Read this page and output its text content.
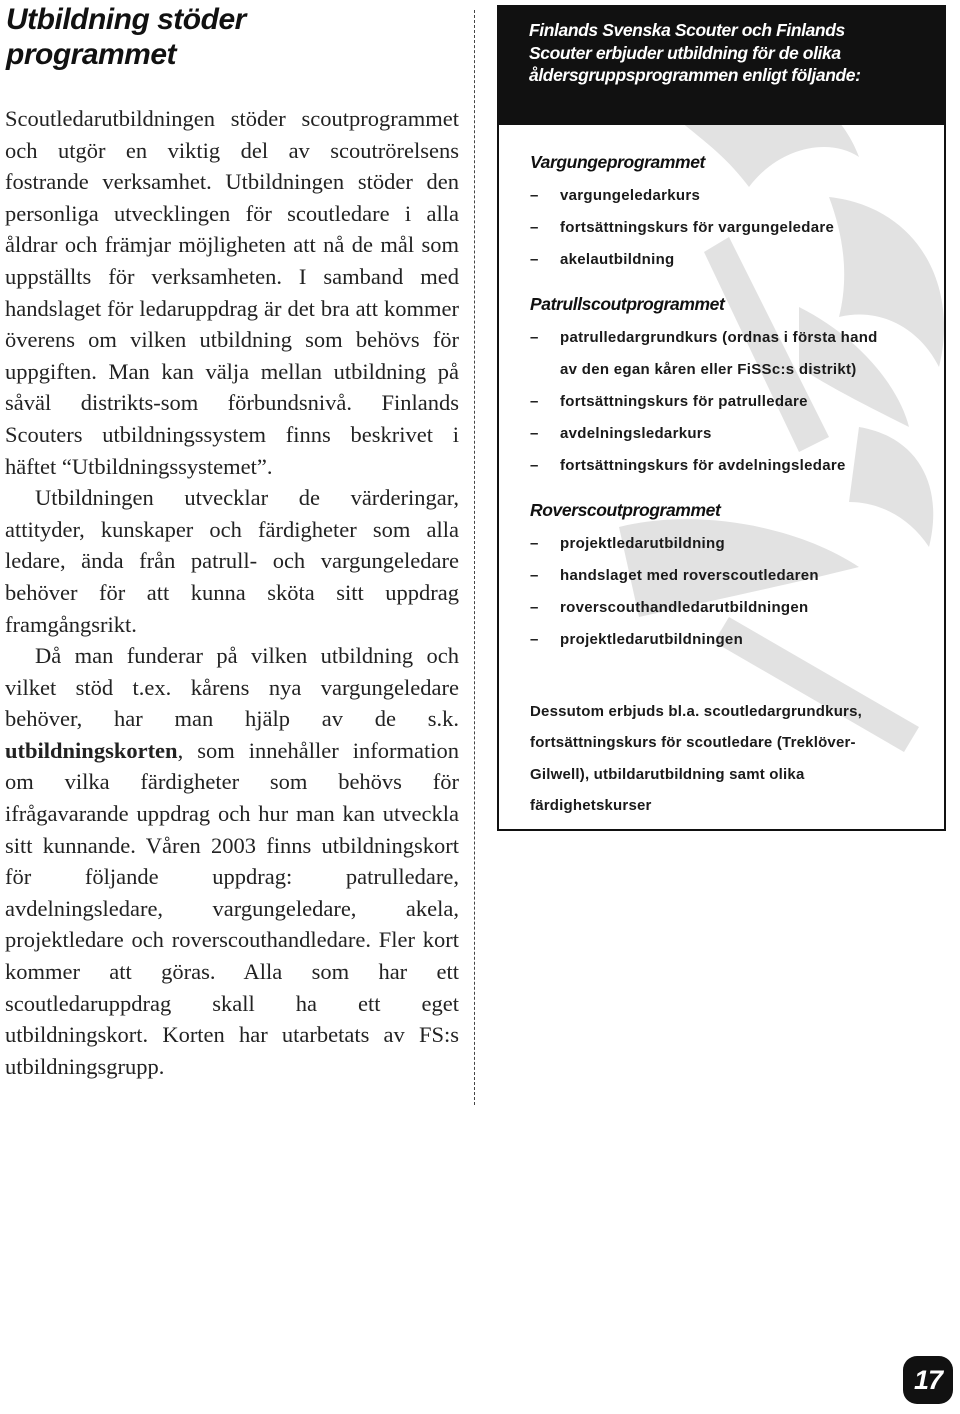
Utbildning stöder
programmet

Scoutledarutbildningen stöder scoutprogrammet och utgör en viktig del av scoutrörelsens fostrande verksamhet. Utbildningen stöder den personliga utvecklingen för scoutledare i alla åldrar och främjar möjligheten att nå de mål som uppställts för verksamheten. I samband med handslaget för ledaruppdrag är det bra att kommer överens om vilken utbildning som behövs för uppgiften. Man kan välja mellan utbildning på såväl distrikts-som förbundsnivå. Finlands Scouters utbildningssystem finns beskrivet i häftet “Utbildningssystemet”.

Utbildningen utvecklar de värderingar, attityder, kunskaper och färdigheter som alla ledare, ända från patrull- och vargungeledare behöver för att kunna sköta sitt uppdrag framgångsrikt.

Då man funderar på vilken utbildning och vilket stöd t.ex. kårens nya vargungeledare behöver, har man hjälp av de s.k. utbildningskorten, som innehåller information om vilka färdigheter som behövs för ifrågavarande uppdrag och hur man kan utveckla sitt kunnande. Våren 2003 finns utbildningskort för följande uppdrag: patrulledare, avdelningsledare, vargungeledare, akela, projektledare och roverscouthandledare. Fler kort kommer att göras. Alla som har ett scoutledaruppdrag skall ha ett eget utbildningskort. Korten har utarbetats av FS:s utbildningsgrupp.

Finlands Svenska Scouter och Finlands
Scouter erbjuder utbildning för de olika
åldersgruppsprogrammen enligt följande:
Vargungeprogrammet
– vargungeledarkurs
– fortsättningskurs för vargungeledare
– akelautbildning
Patrullscoutprogrammet
– patrulledargrundkurs (ordnas i första hand
av den egan kåren eller FiSSc:s distrikt)
– fortsättningskurs för patrulledare
– avdelningsledarkurs
– fortsättningskurs för avdelningsledare
Roverscoutprogrammet
– projektledarutbildning
– handslaget med roverscoutledaren
– roverscouthandledarutbildningen
– projektledarutbildningen
Dessutom erbjuds bl.a. scoutledargrundkurs,
fortsättningskurs för scoutledare (Treklöver-
Gilwell), utbildarutbildning samt olika
färdighetskurser
17
